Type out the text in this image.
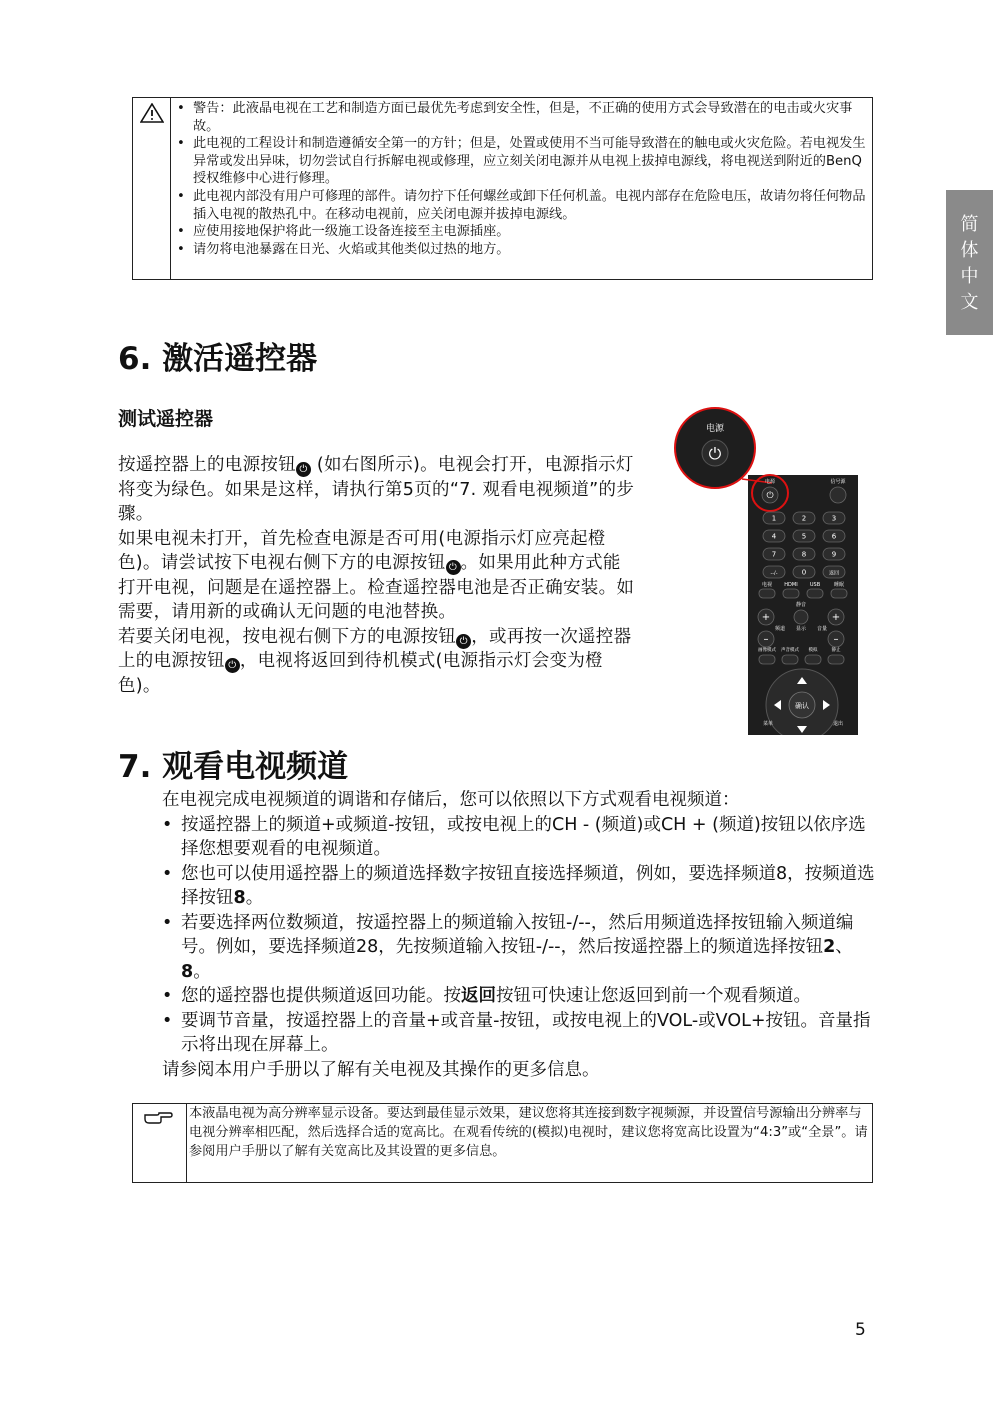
• 警告：此液晶电视在工艺和制造方面已最优先考虑到安全性，但是，不正确的使用方式会导致潜在的电击或火灾事故。
• 此电视的工程设计和制造遵循安全第一的方针；但是，处置或使用不当可能导致潜在的触电或火灾危险。若电视发生异常或发出异味，切勿尝试自行拆解电视或修理，应立刻关闭电源并从电视上拔掉电源线，将电视送到附近的BenQ授权维修中心进行修理。
• 此电视内部没有用户可修理的部件。请勿拧下任何螺丝或卸下任何机盖。电视内部存在危险电压，故请勿将任何物品插入电视的散热孔中。在移动电视前，应关闭电源并拔掉电源线。
• 应使用接地保护将此一级施工设备连接至主电源插座。
• 请勿将电池暴露在日光、火焰或其他类似过热的地方。
简
体
中
文
6. 激活遥控器
测试遥控器

按遥控器上的电源按钮 ⏻ (如右图所示)。电视会打开，电源指示灯将变为绿色。如果是这样，请执行第5页的“7. 观看电视频道”的步骤。

如果电视未打开，首先检查电源是否可用(电源指示灯应亮起橙色)。请尝试按下电视右侧下方的电源按钮 ⏻ 。如果用此种方式能打开电视，问题是在遥控器上。检查遥控器电池是否正确安装。如需要，请用新的或确认无问题的电池替换。

若要关闭电视，按电视右侧下方的电源按钮 ⏻ ，或再按一次遥控器上的电源按钮 ⏻ ，电视将返回到待机模式(电源指示灯会变为橙色)。

电源
⏻
电源
⏻
信号源
1	2	3
4	5	6
7	8	9
--/-	0	返回
电视 HDMI USB	睡眠
+
–
+
–
静音
频道 显示 音量
画像模式 声音模式 模拟	静止
确认
菜单	退出
7. 观看电视频道

在电视完成电视频道的调谐和存储后，您可以依照以下方式观看电视频道：

• 按遥控器上的频道+或频道-按钮，或按电视上的CH - (频道)或CH + (频道)按钮以依序选择您想要观看的电视频道。

• 您也可以使用遥控器上的频道选择数字按钮直接选择频道，例如，要选择频道8，按频道选择按钮8。

• 若要选择两位数频道，按遥控器上的频道输入按钮-/--，然后用频道选择按钮输入频道编号。例如，要选择频道28，先按频道输入按钮-/--，然后按遥控器上的频道选择按钮2、8。

• 您的遥控器也提供频道返回功能。按返回按钮可快速让您返回到前一个观看频道。

• 要调节音量，按遥控器上的音量+或音量-按钮，或按电视上的VOL-或VOL+按钮。音量指示将出现在屏幕上。

请参阅本用户手册以了解有关电视及其操作的更多信息。

本液晶电视为高分辨率显示设备。要达到最佳显示效果，建议您将其连接到数字视频源，并设置信号源输出分辨率与电视分辨率相匹配，然后选择合适的宽高比。在观看传统的(模拟)电视时，建议您将宽高比设置为“4:3”或“全景”。请参阅用户手册以了解有关宽高比及其设置的更多信息。
5
